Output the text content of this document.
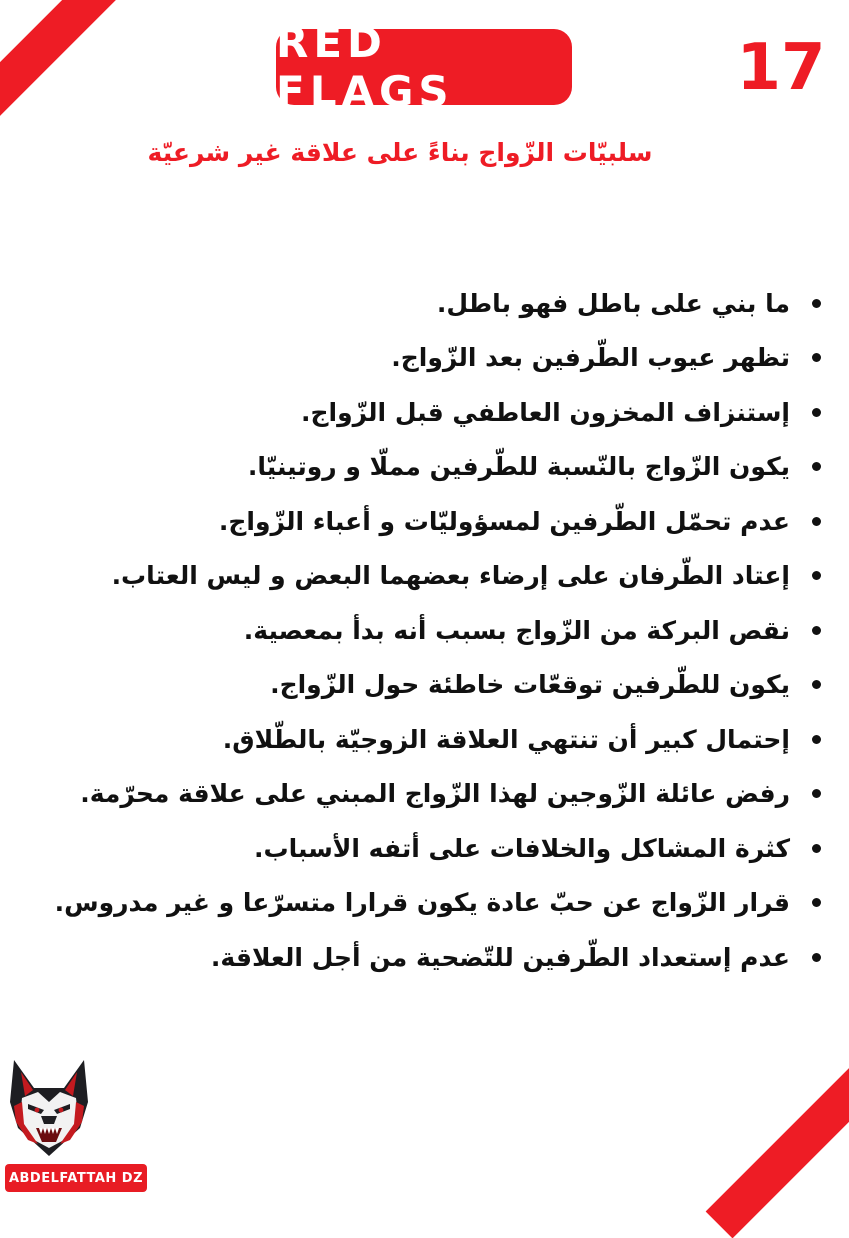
RED FLAGS	17
سلبيّات الزّواج بناءً على علاقة غير شرعيّة
ما بني على باطل فهو باطل.
تظهر عيوب الطّرفين بعد الزّواج.
إستنزاف المخزون العاطفي قبل الزّواج.
يكون الزّواج بالنّسبة للطّرفين مملّا و روتينيّا.
عدم تحمّل الطّرفين لمسؤوليّات و أعباء الزّواج.
إعتاد الطّرفان على إرضاء بعضهما البعض و ليس العتاب.
نقص البركة من الزّواج بسبب أنه بدأ بمعصية.
يكون للطّرفين توقعّات خاطئة حول الزّواج.
إحتمال كبير أن تنتهي العلاقة الزوجيّة بالطّلاق.
رفض عائلة الزّوجين لهذا الزّواج المبني على علاقة محرّمة.
كثرة المشاكل والخلافات على أتفه الأسباب.
قرار الزّواج عن حبّ عادة يكون قرارا متسرّعا و غير مدروس.
عدم إستعداد الطّرفين للتّضحية من أجل العلاقة.
ABDELFATTAH DZ
